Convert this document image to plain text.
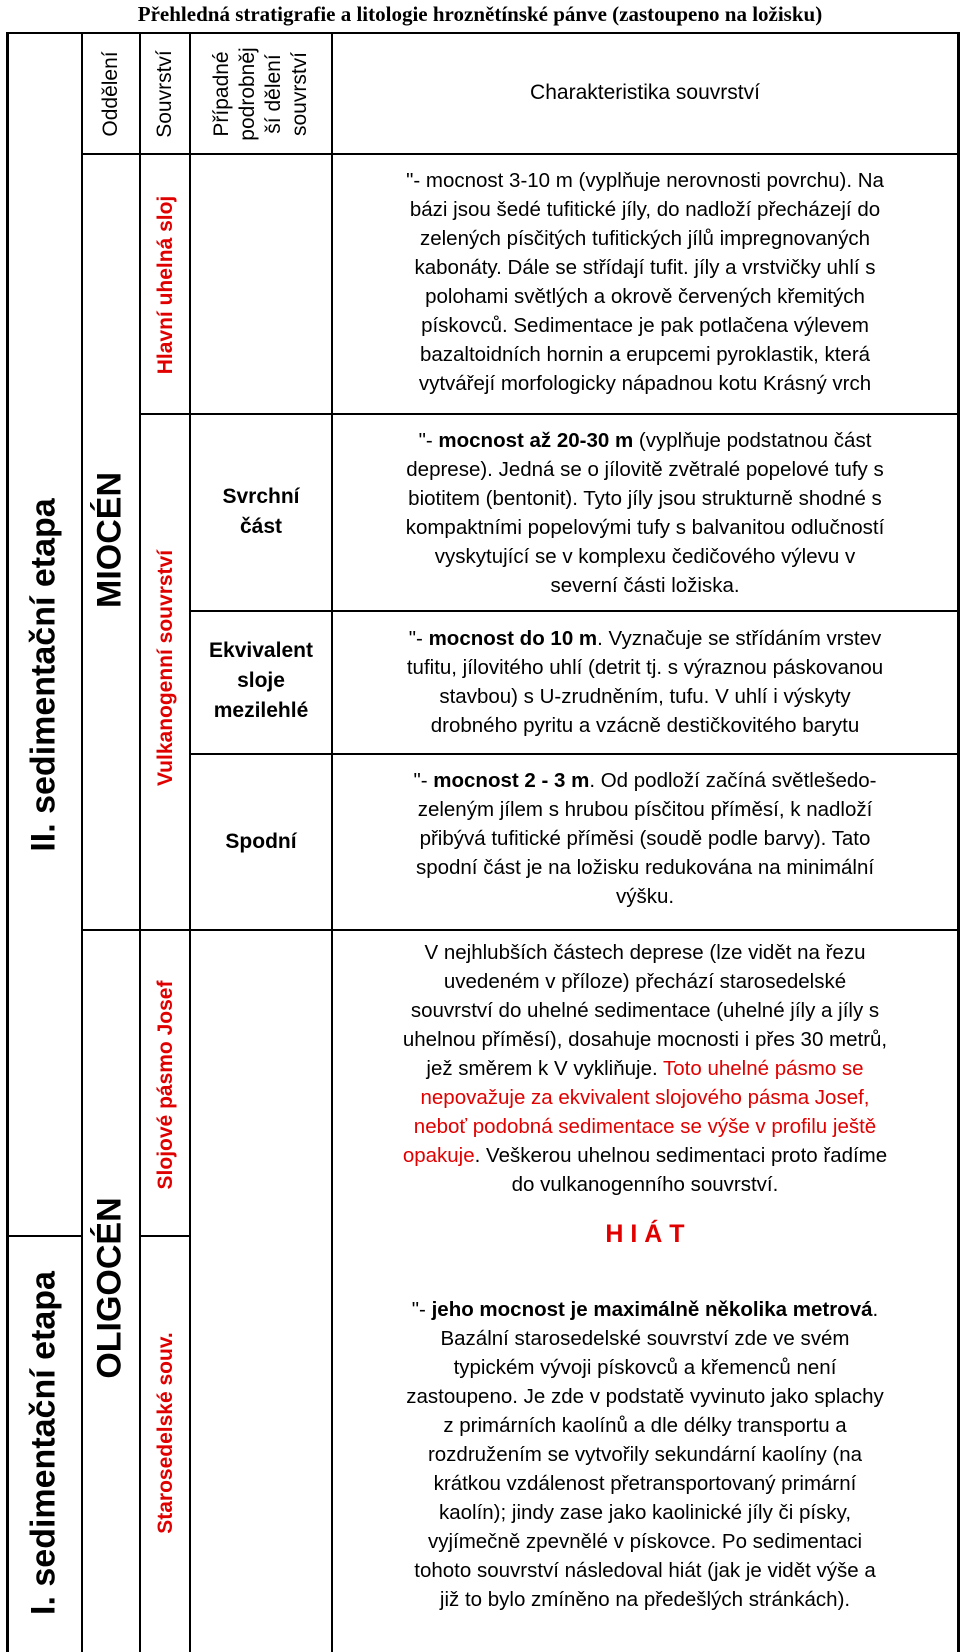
Přehledná stratigrafie a litologie hroznětínské pánve (zastoupeno na ložisku)
Oddělení Souvrství Případné podrobněj ší dělení souvrství	Charakteristika souvrství
II. sedimentační etapa
I. sedimentační etapa
MIOCÉN
OLIGOCÉN
Hlavní uhelná sloj
Vulkanogenní souvrství
Slojové pásmo Josef
Starosedelské souv.
Svrchní
část
Ekvivalent
sloje
mezilehlé
Spodní
"- mocnost 3-10 m (vyplňuje nerovnosti povrchu). Na
bázi jsou šedé tufitické jíly, do nadloží přecházejí do
zelených písčitých tufitických jílů impregnovaných
kabonáty. Dále se střídají tufit. jíly a vrstvičky uhlí s
polohami světlých a okrově červených křemitých
pískovců. Sedimentace je pak potlačena výlevem
bazaltoidních hornin a erupcemi pyroklastik, která
vytvářejí morfologicky nápadnou kotu Krásný vrch
"- mocnost až 20-30 m (vyplňuje podstatnou část
deprese). Jedná se o jílovitě zvětralé popelové tufy s
biotitem (bentonit). Tyto jíly jsou strukturně shodné s
kompaktními popelovými tufy s balvanitou odlučností
vyskytující se v komplexu čedičového výlevu v
severní části ložiska.
"- mocnost do 10 m. Vyznačuje se střídáním vrstev
tufitu, jílovitého uhlí (detrit tj. s výraznou páskovanou
stavbou) s U-zrudněním, tufu. V uhlí i výskyty
drobného pyritu a vzácně destičkovitého barytu
"- mocnost 2 - 3 m. Od podloží začíná světlešedo-
zeleným jílem s hrubou písčitou příměsí, k nadloží
přibývá tufitické příměsi (soudě podle barvy). Tato
spodní část je na ložisku redukována na minimální
výšku.
V nejhlubších částech deprese (lze vidět na řezu
uvedeném v příloze) přechází starosedelské
souvrství do uhelné sedimentace (uhelné jíly a jíly s
uhelnou příměsí), dosahuje mocnosti i přes 30 metrů,
jež směrem k V vykliňuje. Toto uhelné pásmo se
nepovažuje za ekvivalent slojového pásma Josef,
neboť podobná sedimentace se výše v profilu ještě
opakuje. Veškerou uhelnou sedimentaci proto řadíme
do vulkanogenního souvrství.
H I Á T
"- jeho mocnost je maximálně několika metrová.
Bazální starosedelské souvrství zde ve svém
typickém vývoji pískovců a křemenců není
zastoupeno. Je zde v podstatě vyvinuto jako splachy
z primárních kaolínů a dle délky transportu a
rozdružením se vytvořily sekundární kaolíny (na
krátkou vzdálenost přetransportovaný primární
kaolín); jindy zase jako kaolinické jíly či písky,
vyjímečně zpevnělé v pískovce. Po sedimentaci
tohoto souvrství následoval hiát (jak je vidět výše a
již to bylo zmíněno na předešlých stránkách).
